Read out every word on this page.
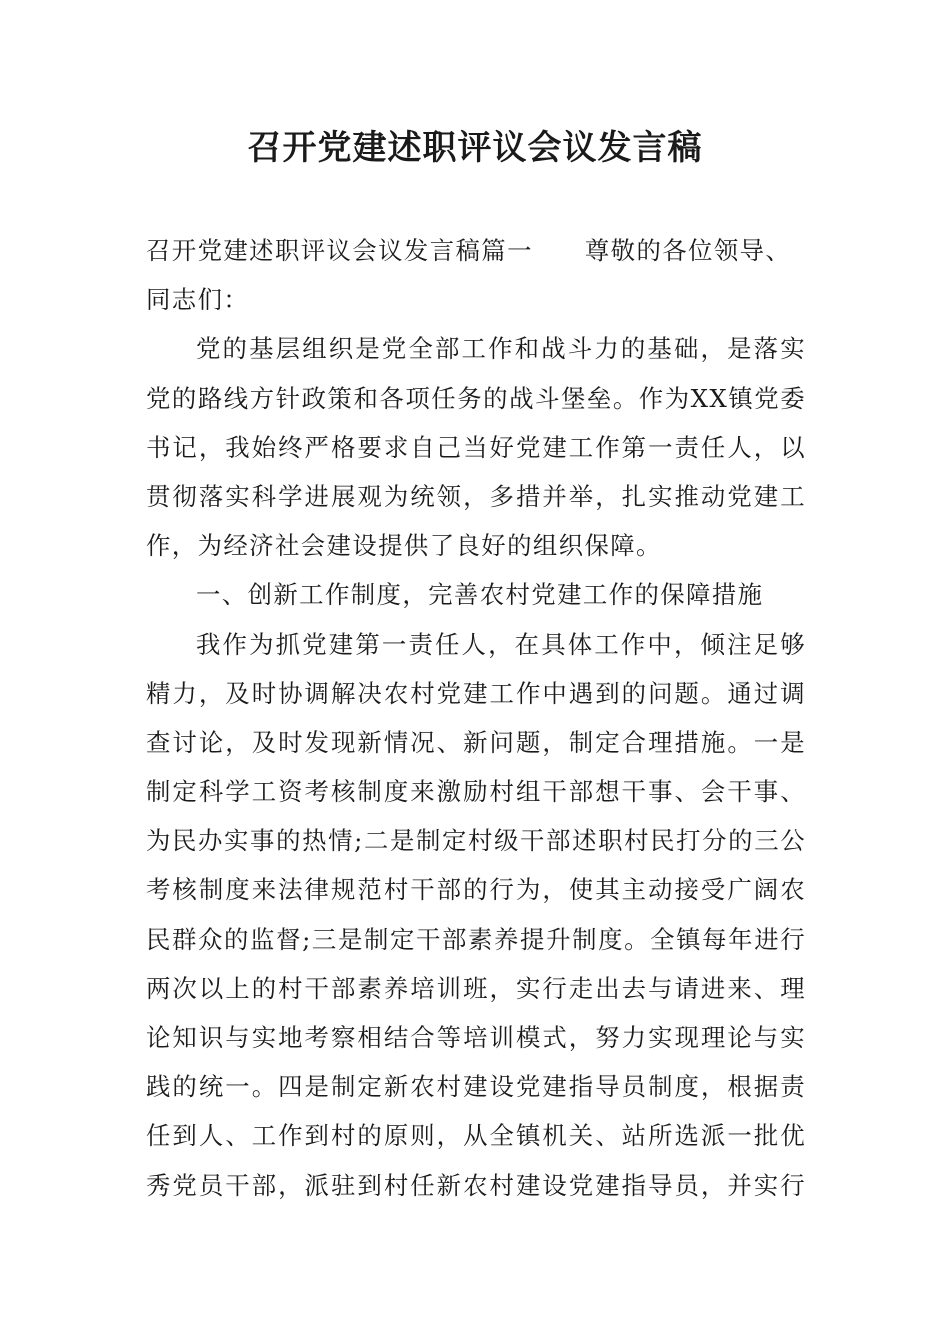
召开党建述职评议会议发言稿
召开党建述职评议会议发言稿篇一 尊敬的各位领导、
同志们：
党的基层组织是党全部工作和战斗力的基础，是落实
党的路线方针政策和各项任务的战斗堡垒。作为XX镇党委
书记，我始终严格要求自己当好党建工作第一责任人，以
贯彻落实科学进展观为统领，多措并举，扎实推动党建工
作，为经济社会建设提供了良好的组织保障。
一、创新工作制度，完善农村党建工作的保障措施
我作为抓党建第一责任人，在具体工作中，倾注足够
精力，及时协调解决农村党建工作中遇到的问题。通过调
查讨论，及时发现新情况、新问题，制定合理措施。一是
制定科学工资考核制度来激励村组干部想干事、会干事、
为民办实事的热情;二是制定村级干部述职村民打分的三公
考核制度来法律规范村干部的行为，使其主动接受广阔农
民群众的监督;三是制定干部素养提升制度。全镇每年进行
两次以上的村干部素养培训班，实行走出去与请进来、理
论知识与实地考察相结合等培训模式，努力实现理论与实
践的统一。四是制定新农村建设党建指导员制度，根据责
任到人、工作到村的原则，从全镇机关、站所选派一批优
秀党员干部，派驻到村任新农村建设党建指导员，并实行
